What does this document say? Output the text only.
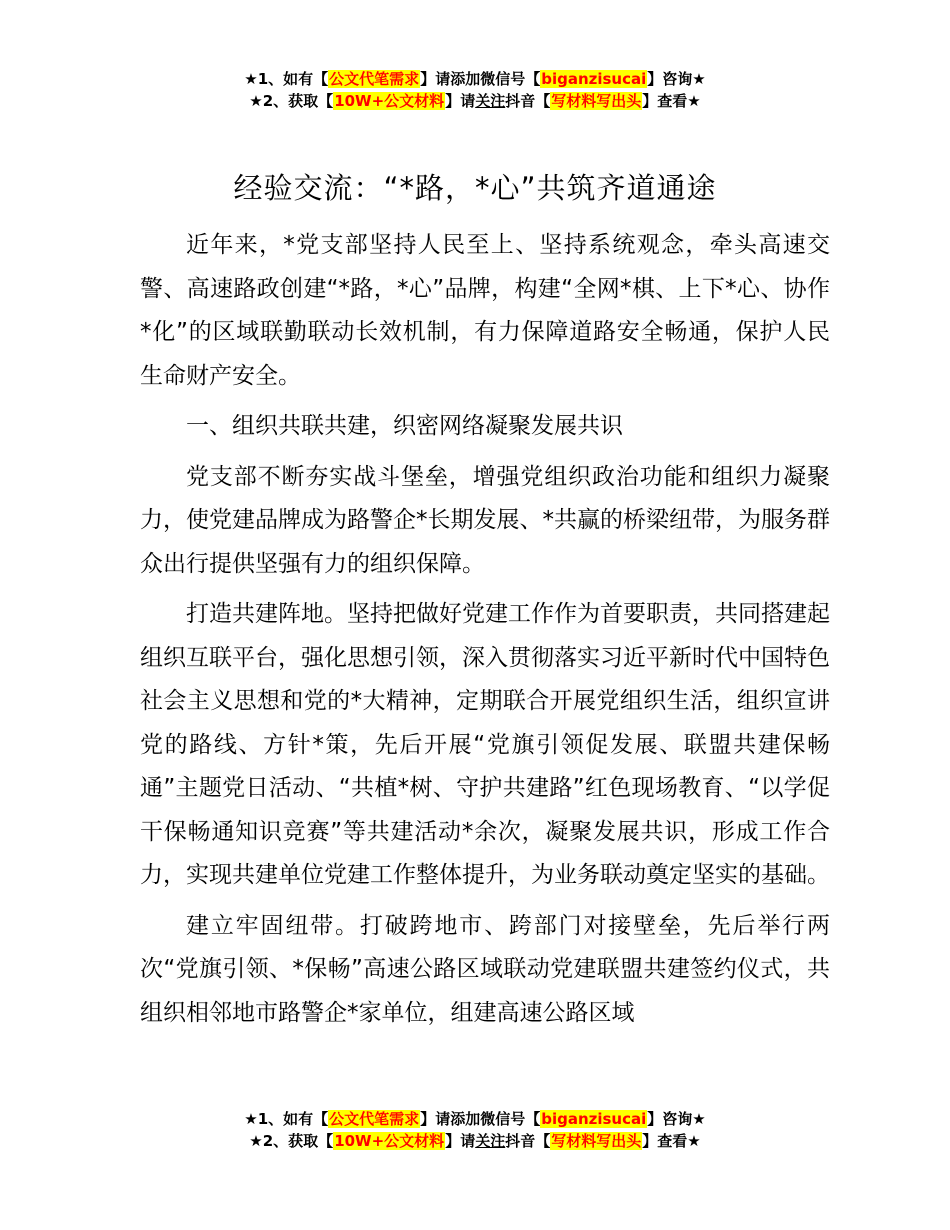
★1、如有【公文代笔需求】请添加微信号【biganzisucai】咨询★
★2、获取【10W+公文材料】请关注抖音【写材料写出头】查看★
经验交流：“*路，*心”共筑齐道通途

近年来，*党支部坚持人民至上、坚持系统观念，牵头高速交警、高速路政创建“*路，*心”品牌，构建“全网*棋、上下*心、协作*化”的区域联勤联动长效机制，有力保障道路安全畅通，保护人民生命财产安全。

一、组织共联共建，织密网络凝聚发展共识

党支部不断夯实战斗堡垒，增强党组织政治功能和组织力凝聚力，使党建品牌成为路警企*长期发展、*共赢的桥梁纽带，为服务群众出行提供坚强有力的组织保障。

打造共建阵地。坚持把做好党建工作作为首要职责，共同搭建起组织互联平台，强化思想引领，深入贯彻落实习近平新时代中国特色社会主义思想和党的*大精神，定期联合开展党组织生活，组织宣讲党的路线、方针*策，先后开展“党旗引领促发展、联盟共建保畅通”主题党日活动、“共植*树、守护共建路”红色现场教育、“以学促干保畅通知识竞赛”等共建活动*余次，凝聚发展共识，形成工作合力，实现共建单位党建工作整体提升，为业务联动奠定坚实的基础。

建立牢固纽带。打破跨地市、跨部门对接壁垒，先后举行两次“党旗引领、*保畅”高速公路区域联动党建联盟共建签约仪式，共组织相邻地市路警企*家单位，组建高速公路区域

★1、如有【公文代笔需求】请添加微信号【biganzisucai】咨询★
★2、获取【10W+公文材料】请关注抖音【写材料写出头】查看★
